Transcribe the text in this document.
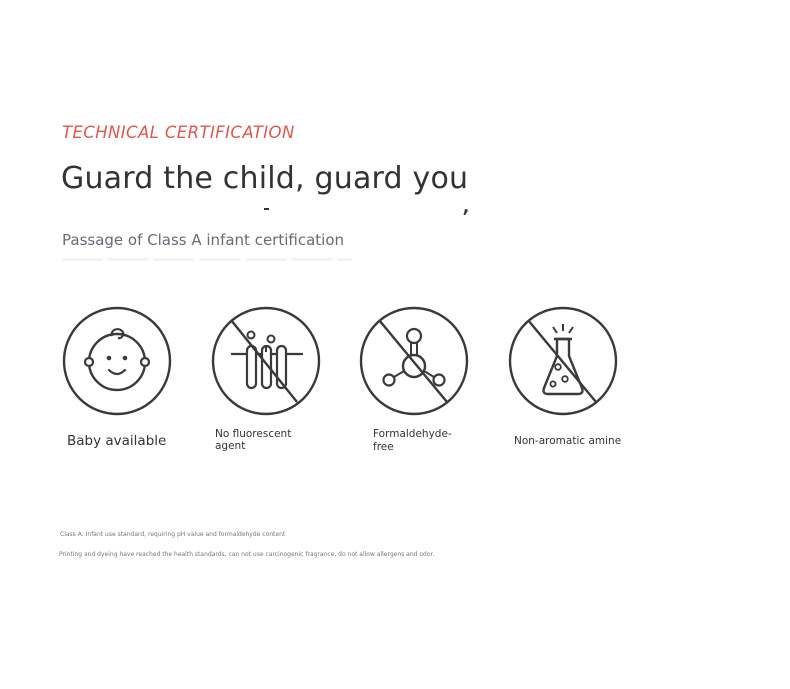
TECHNICAL CERTIFICATION
Guard the child, guard you
,
Passage of Class A infant certification
Baby available	No fluorescent
agent
Formaldehyde-
free	Non-aromatic amine
Class A: Infant use standard, requiring pH value and formaldehyde content
Printing and dyeing have reached the health standards, can not use carcinogenic fragrance, do not allow allergens and odor.
